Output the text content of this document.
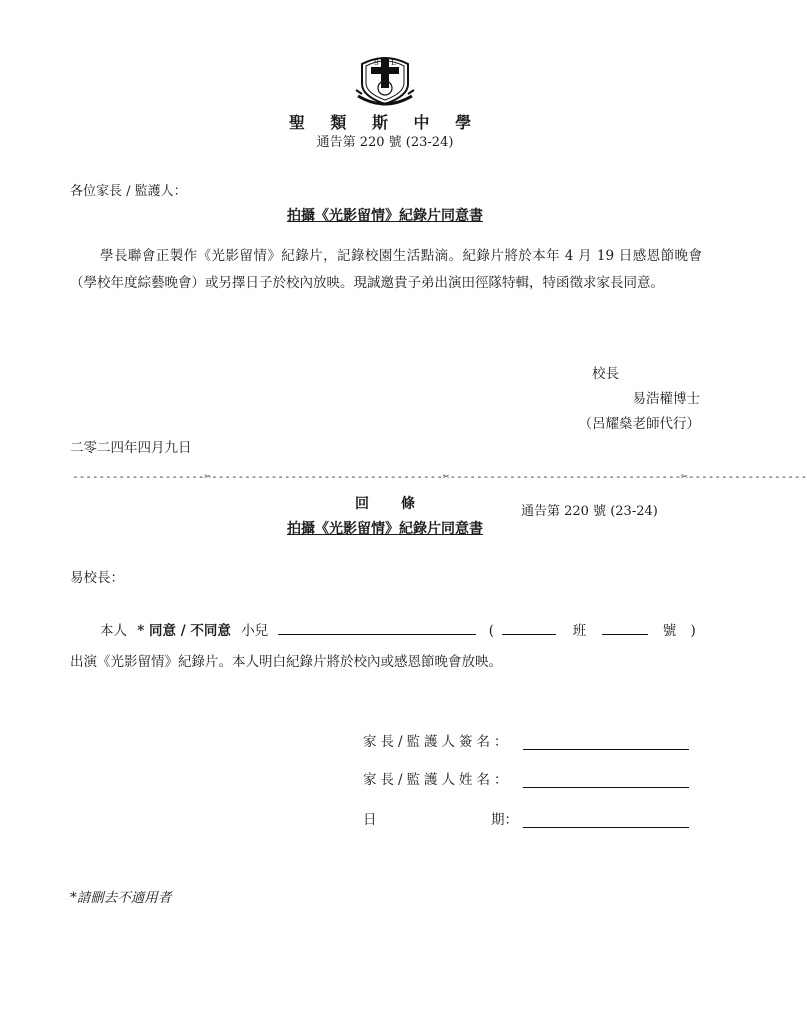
S L
聖 類 斯 中 學
通告第 220 號 (23-24)
各位家長 / 監護人：
拍攝《光影留情》紀錄片同意書
學長聯會正製作《光影留情》紀錄片，記錄校園生活點滴。紀錄片將於本年 4 月 19 日感恩節晚會（學校年度綜藝晚會）或另擇日子於校內放映。現誠邀貴子弟出演田徑隊特輯，特函徵求家長同意。
校長
易浩權博士
（呂耀燊老師代行）
二零二四年四月九日
--------------------✂-----------------------------------✂-----------------------------------✂------------------
回 條	通告第 220 號 (23-24)
拍攝《光影留情》紀錄片同意書
易校長：
本人 * 同意 / 不同意 小兒	(	班	號 )
出演《光影留情》紀錄片。本人明白紀錄片將於校內或感恩節晚會放映。
家長/監護人簽名：
家長/監護人姓名：
日	期：
*請刪去不適用者
